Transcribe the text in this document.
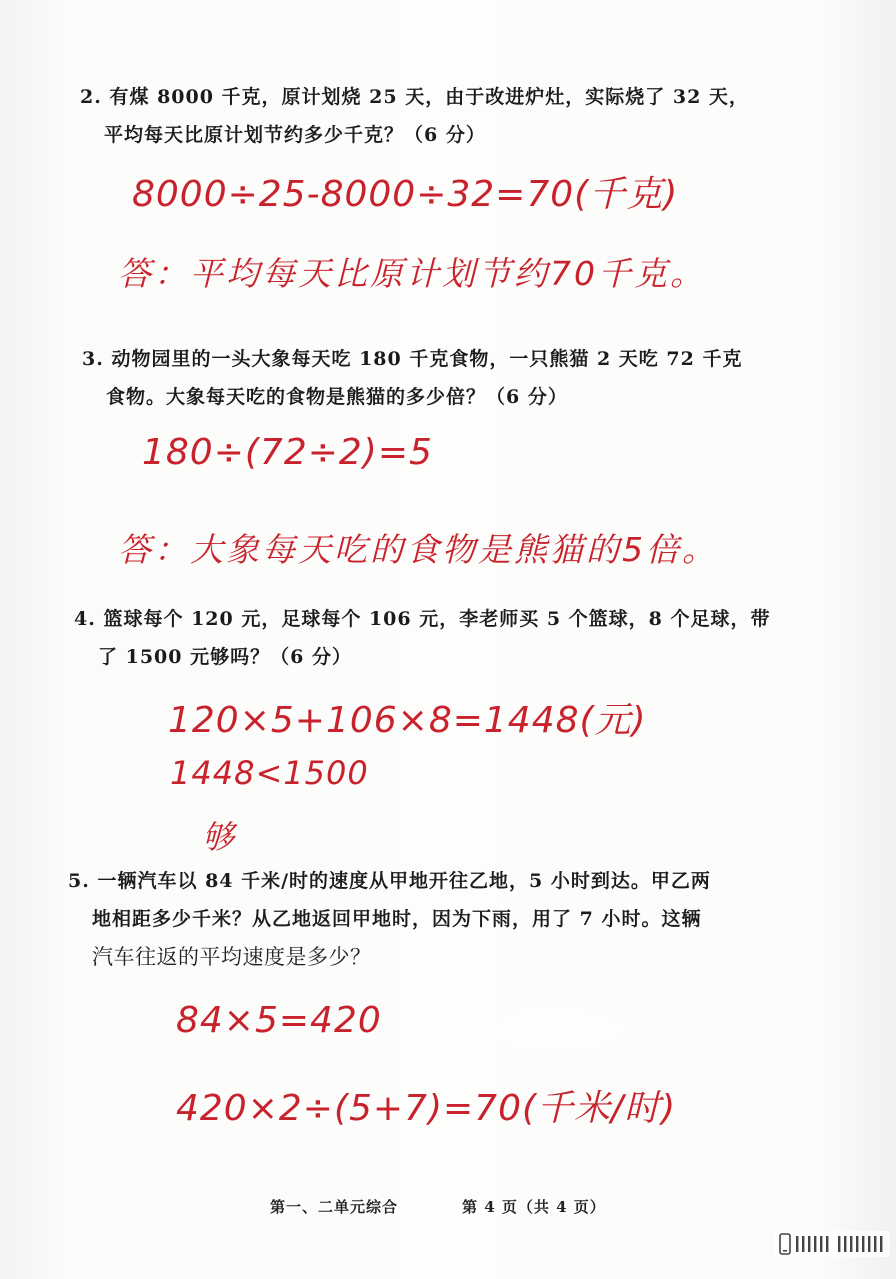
2. 有煤 8000 千克，原计划烧 25 天，由于改进炉灶，实际烧了 32 天，
平均每天比原计划节约多少千克？（6 分）
8000÷25-8000÷32=70(千克)
答：平均每天比原计划节约70千克。
3. 动物园里的一头大象每天吃 180 千克食物，一只熊猫 2 天吃 72 千克
食物。大象每天吃的食物是熊猫的多少倍？（6 分）
180÷(72÷2)=5
答：大象每天吃的食物是熊猫的5倍。
4. 篮球每个 120 元，足球每个 106 元，李老师买 5 个篮球，8 个足球，带
了 1500 元够吗？（6 分）
120×5+106×8=1448(元)
1448<1500
够
5. 一辆汽车以 84 千米/时的速度从甲地开往乙地，5 小时到达。甲乙两
地相距多少千米？从乙地返回甲地时，因为下雨，用了 7 小时。这辆
汽车往返的平均速度是多少？
84×5=420
420×2÷(5+7)=70(千米/时)
第一、二单元综合	第 4 页（共 4 页）
